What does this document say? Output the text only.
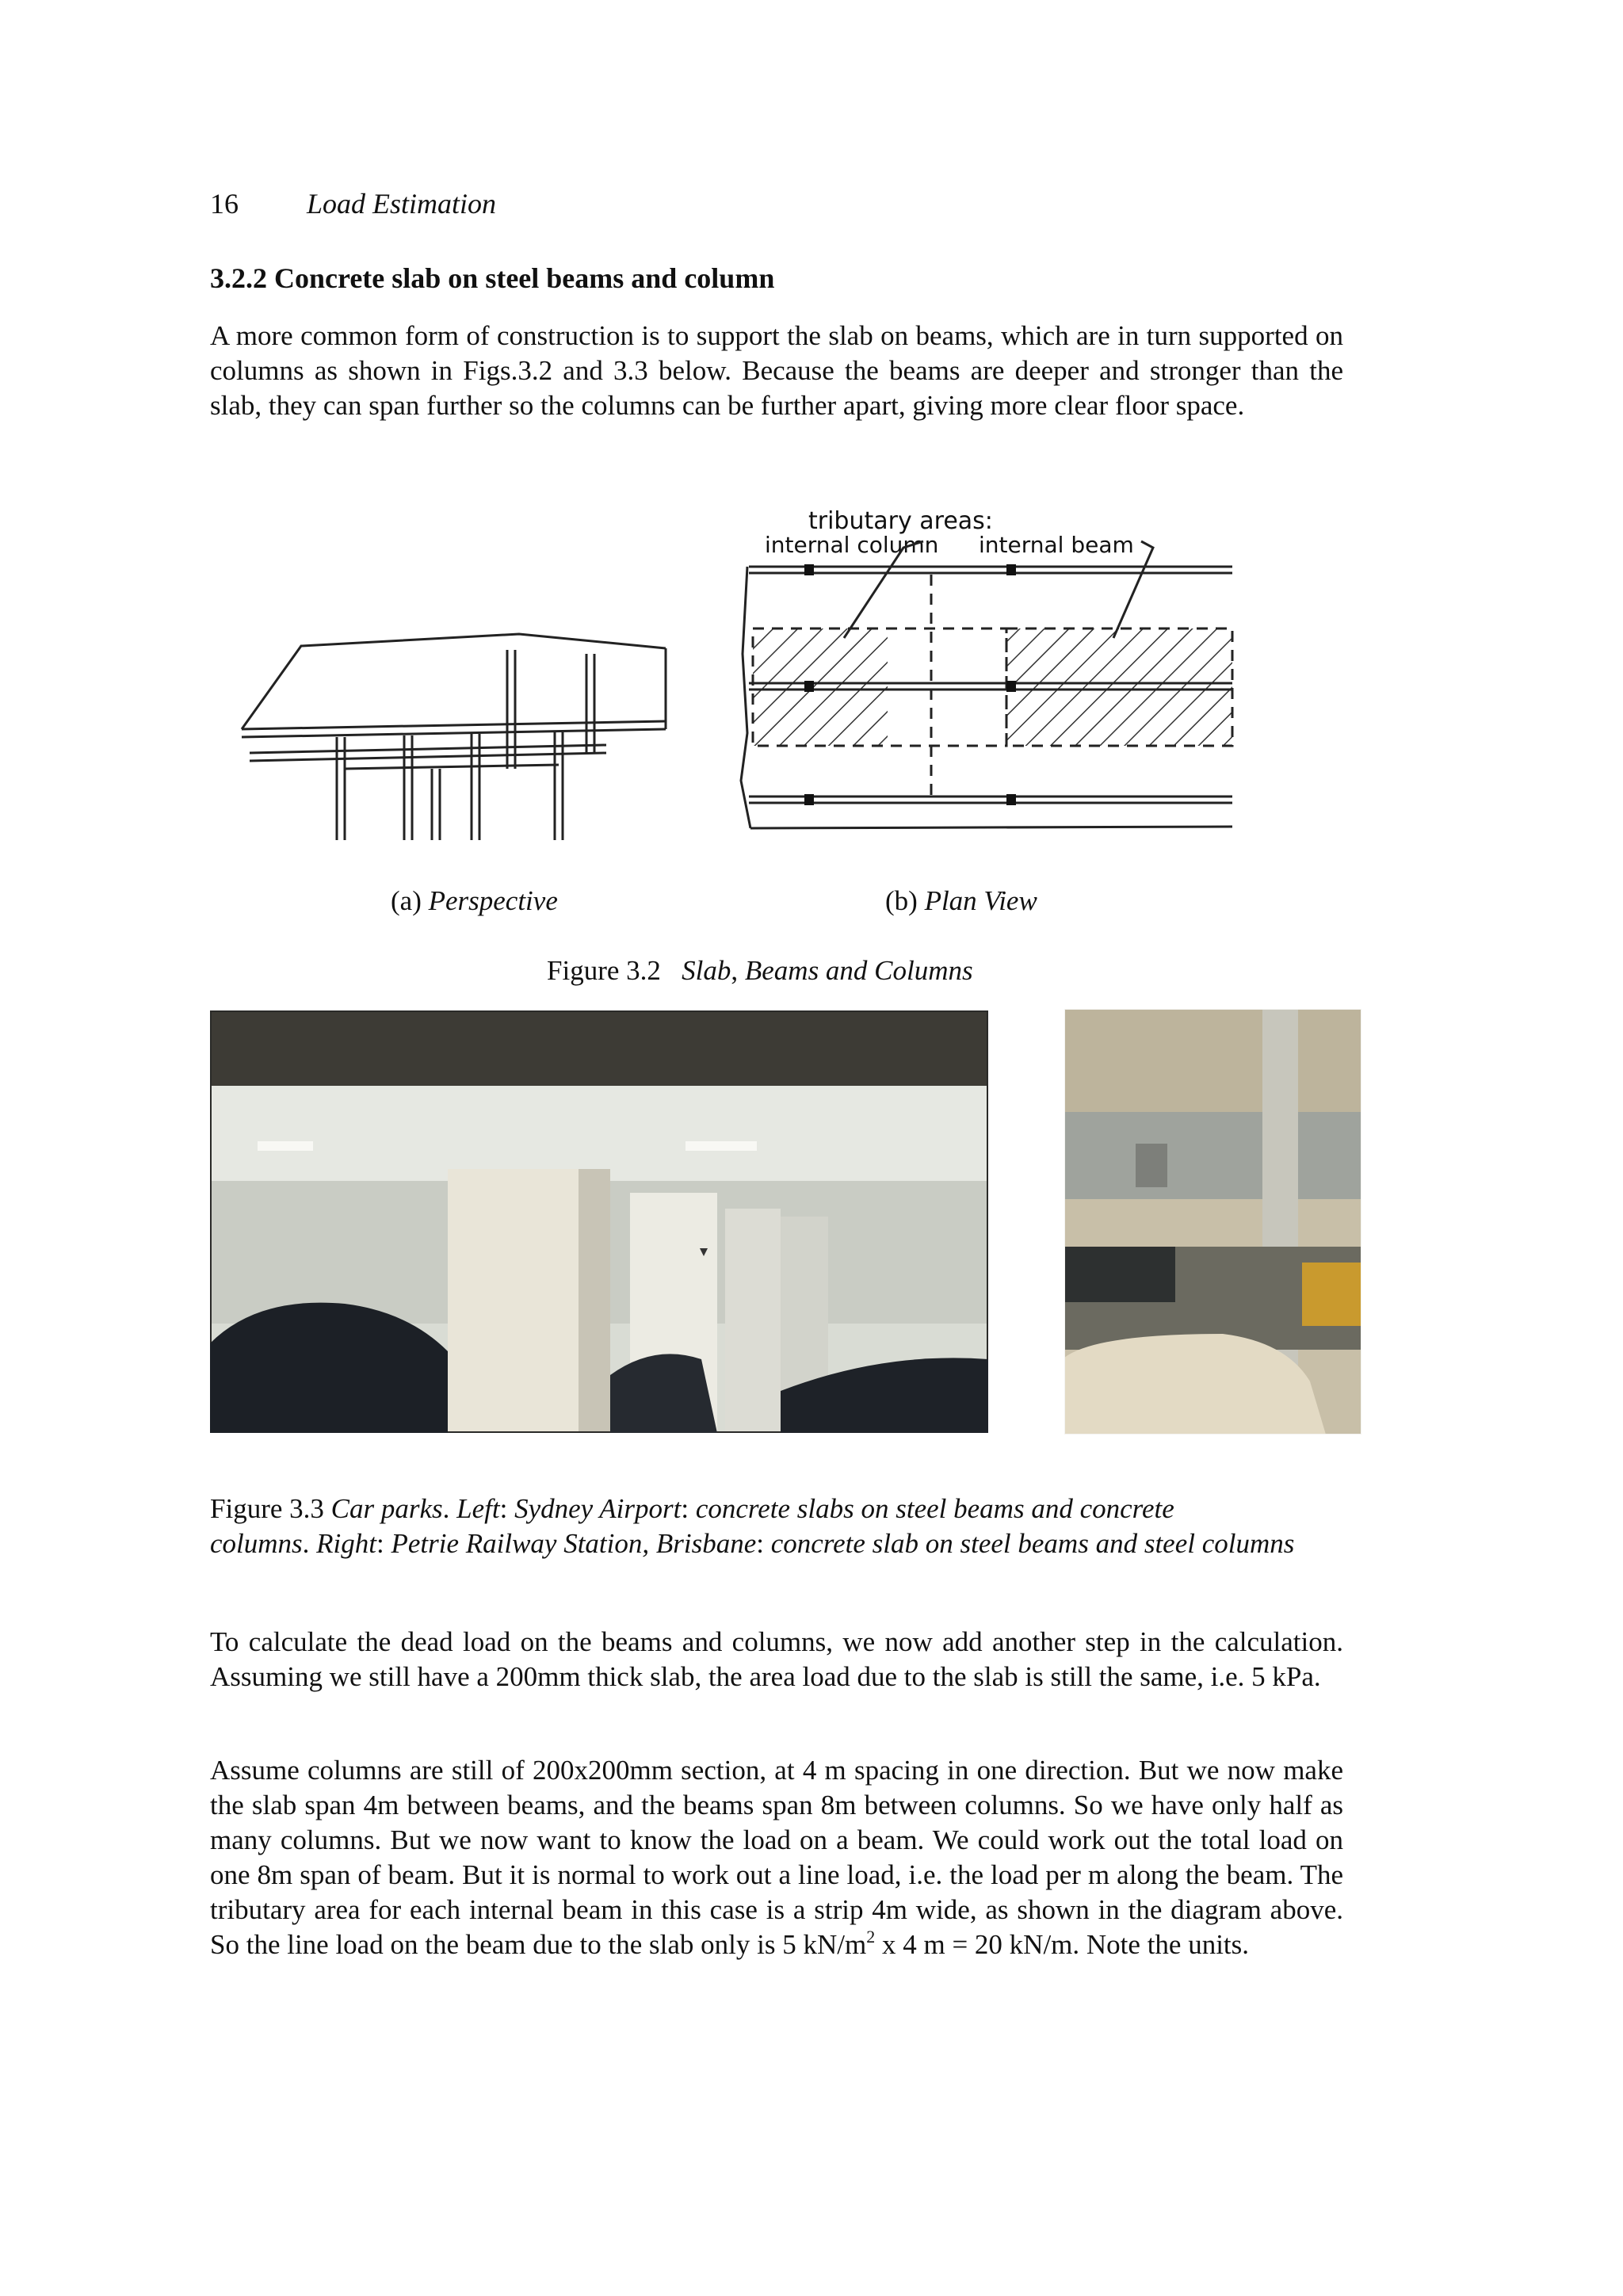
16 Load Estimation
3.2.2 Concrete slab on steel beams and column

A more common form of construction is to support the slab on beams, which are in turn supported on columns as shown in Figs.3.2 and 3.3 below. Because the beams are deeper and stronger than the slab, they can span further so the columns can be further apart, giving more clear floor space.

tributary areas:
internal column internal beam
(a) Perspective	(b) Plan View
Figure 3.2   Slab, Beams and Columns
Figure 3.3 Car parks. Left: Sydney Airport: concrete slabs on steel beams and concrete columns. Right: Petrie Railway Station, Brisbane: concrete slab on steel beams and steel columns

To calculate the dead load on the beams and columns, we now add another step in the calculation. Assuming we still have a 200mm thick slab, the area load due to the slab is still the same, i.e. 5 kPa.

Assume columns are still of 200x200mm section, at 4 m spacing in one direction. But we now make the slab span 4m between beams, and the beams span 8m between columns. So we have only half as many columns. But we now want to know the load on a beam. We could work out the total load on one 8m span of beam. But it is normal to work out a line load, i.e. the load per m along the beam. The tributary area for each internal beam in this case is a strip 4m wide, as shown in the diagram above. So the line load on the beam due to the slab only is 5 $kN/m^2$ x 4 m = 20 kN/m. Note the units.
